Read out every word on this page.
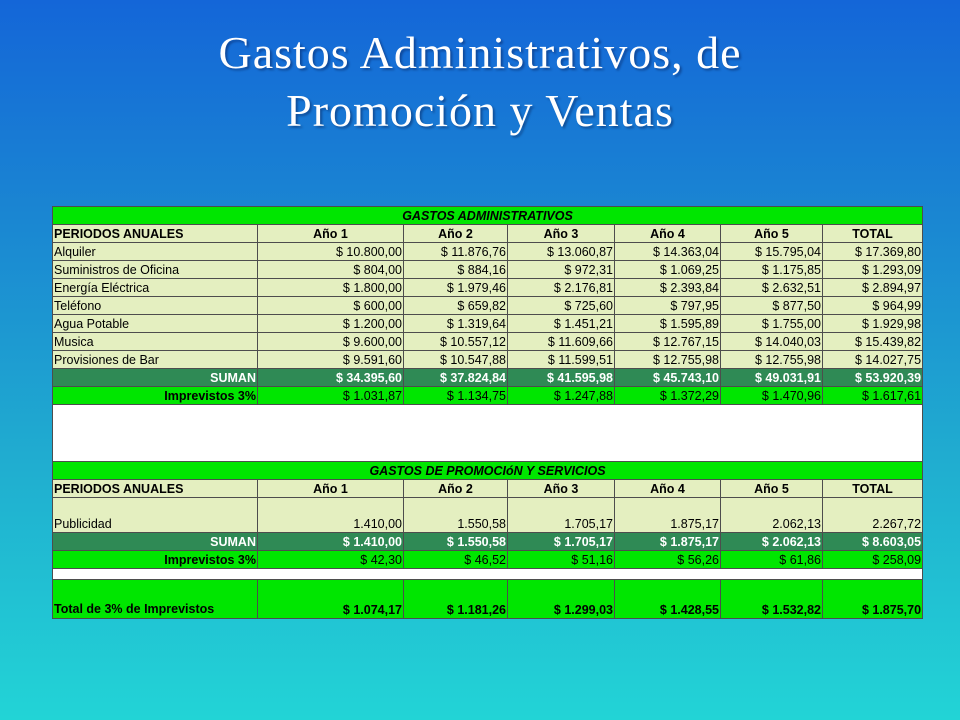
Gastos Administrativos, de
Promoción y Ventas
GASTOS ADMINISTRATIVOS						
PERIODOS ANUALES	Año 1	Año 2	Año 3	Año 4	Año 5	TOTAL
Alquiler	$ 10.800,00	$ 11.876,76	$ 13.060,87	$ 14.363,04	$ 15.795,04	$ 17.369,80
Suministros de Oficina	$ 804,00	$ 884,16	$ 972,31	$ 1.069,25	$ 1.175,85	$ 1.293,09
Energía Eléctrica	$ 1.800,00	$ 1.979,46	$ 2.176,81	$ 2.393,84	$ 2.632,51	$ 2.894,97
Teléfono	$ 600,00	$ 659,82	$ 725,60	$ 797,95	$ 877,50	$ 964,99
Agua Potable	$ 1.200,00	$ 1.319,64	$ 1.451,21	$ 1.595,89	$ 1.755,00	$ 1.929,98
Musica	$ 9.600,00	$ 10.557,12	$ 11.609,66	$ 12.767,15	$ 14.040,03	$ 15.439,82
Provisiones de Bar	$ 9.591,60	$ 10.547,88	$ 11.599,51	$ 12.755,98	$ 12.755,98	$ 14.027,75
SUMAN	$ 34.395,60	$ 37.824,84	$ 41.595,98	$ 45.743,10	$ 49.031,91	$ 53.920,39
Imprevistos 3%	$ 1.031,87	$ 1.134,75	$ 1.247,88	$ 1.372,29	$ 1.470,96	$ 1.617,61

GASTOS DE PROMOCIóN Y SERVICIOS						
PERIODOS ANUALES	Año 1	Año 2	Año 3	Año 4	Año 5	TOTAL
Publicidad	1.410,00	1.550,58	1.705,17	1.875,17	2.062,13	2.267,72
SUMAN	$ 1.410,00	$ 1.550,58	$ 1.705,17	$ 1.875,17	$ 2.062,13	$ 8.603,05
Imprevistos 3%	$ 42,30	$ 46,52	$ 51,16	$ 56,26	$ 61,86	$ 258,09

Total de 3% de Imprevistos	$ 1.074,17	$ 1.181,26	$ 1.299,03	$ 1.428,55	$ 1.532,82	$ 1.875,70
